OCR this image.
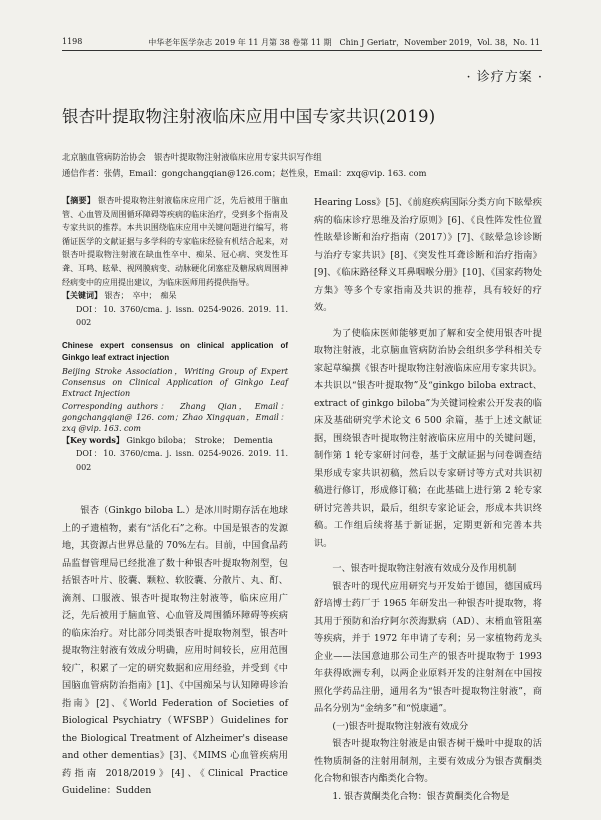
1198	中华老年医学杂志 2019 年 11 月第 38 卷第 11 期　Chin J Geriatr，November 2019，Vol. 38，No. 11
· 诊疗方案 ·
银杏叶提取物注射液临床应用中国专家共识(2019)
北京脑血管病防治协会　银杏叶提取物注射液临床应用专家共识写作组
通信作者：张倩，Email：gongchangqian@126.com；赵性泉，Email：zxq@vip. 163. com
【摘要】 银杏叶提取物注射液临床应用广泛，先后被用于脑血管、心血管及周围循环障碍等疾病的临床治疗，受到多个指南及专家共识的推荐。本共识围绕临床应用中关键问题进行编写，将循证医学的文献证据与多学科的专家临床经验有机结合起来，对银杏叶提取物注射液在缺血性卒中、痴呆、冠心病、突发性耳聋、耳鸣、眩晕、视网膜病变、动脉硬化闭塞症及糖尿病周围神经病变中的应用提出建议，为临床医师用药提供指导。
【关键词】 银杏；　卒中；　痴呆
DOI：10. 3760/cma. j. issn. 0254-9026. 2019. 11. 002
Chinese expert consensus on clinical application of Ginkgo leaf extract injection
Beijing Stroke Association，Writing Group of Expert Consensus on Clinical Application of Ginkgo Leaf Extract Injection
Corresponding authors：　Zhang　Qian，　Email：gongchangqian@ 126. com；Zhao Xingquan，Email：zxq @vip. 163. com
【Key words】 Ginkgo biloba；　Stroke；　Dementia
DOI：10. 3760/cma. j. issn. 0254-9026. 2019. 11. 002

银杏（Ginkgo biloba L.）是冰川时期存活在地球上的孑遗植物，素有“活化石”之称。中国是银杏的发源地，其资源占世界总量的 70%左右。目前，中国食品药品监督管理局已经批准了数十种银杏叶提取物剂型，包括银杏叶片、胶囊、颗粒、软胶囊、分散片、丸、酊、滴剂、口服液、银杏叶提取物注射液等，临床应用广泛，先后被用于脑血管、心血管及周围循环障碍等疾病的临床治疗。对比部分同类银杏叶提取物剂型，银杏叶提取物注射液有效成分明确，应用时间较长，应用范围较广，积累了一定的研究数据和应用经验，并受到《中国脑血管病防治指南》[1]、《中国痴呆与认知障碍诊治指南》[2]、《World Federation of Societies of Biological Psychiatry（WFSBP）Guidelines for the Biological Treatment of Alzheimer's disease and other dementias》[3]、《MIMS 心血管疾病用药指南 2018/2019》[4]、《Clinical Practice Guideline：Sudden

Hearing Loss》[5]、《前庭疾病国际分类方向下眩晕疾病的临床诊疗思维及治疗原则》[6]、《良性阵发性位置性眩晕诊断和治疗指南（2017）》[7]、《眩晕急诊诊断与治疗专家共识》[8]、《突发性耳聋诊断和治疗指南》[9]、《临床路径释义耳鼻咽喉分册》[10]、《国家药物处方集》等多个专家指南及共识的推荐，具有较好的疗效。

为了使临床医师能够更加了解和安全使用银杏叶提取物注射液，北京脑血管病防治协会组织多学科相关专家起草编撰《银杏叶提取物注射液临床应用专家共识》。本共识以“银杏叶提取物”及“ginkgo biloba extract、extract of ginkgo biloba”为关键词检索公开发表的临床及基础研究学术论文 6 500 余篇，基于上述文献证据，围绕银杏叶提取物注射液临床应用中的关键问题，制作第 1 轮专家研讨问卷，基于文献证据与问卷调查结果形成专家共识初稿，然后以专家研讨等方式对共识初稿进行修订，形成修订稿；在此基础上进行第 2 轮专家研讨完善共识，最后，组织专家论证会，形成本共识终稿。工作组后续将基于新证据，定期更新和完善本共识。

一、银杏叶提取物注射液有效成分及作用机制

银杏叶的现代应用研究与开发始于德国，德国威玛舒培博士药厂于 1965 年研发出一种银杏叶提取物，将其用于预防和治疗阿尔茨海默病（AD）、末梢血管阻塞等疾病，并于 1972 年申请了专利；另一家植物药龙头企业——法国意迪那公司生产的银杏叶提取物于 1993 年获得欧洲专利，以两企业原料开发的注射剂在中国按照化学药品注册，通用名为“银杏叶提取物注射液”，商品名分别为“金纳多”和“悦康通”。

(一)银杏叶提取物注射液有效成分

银杏叶提取物注射液是由银杏树干燥叶中提取的活性物质制备的注射用制剂，主要有效成分为银杏黄酮类化合物和银杏内酯类化合物。

1. 银杏黄酮类化合物：银杏黄酮类化合物是
